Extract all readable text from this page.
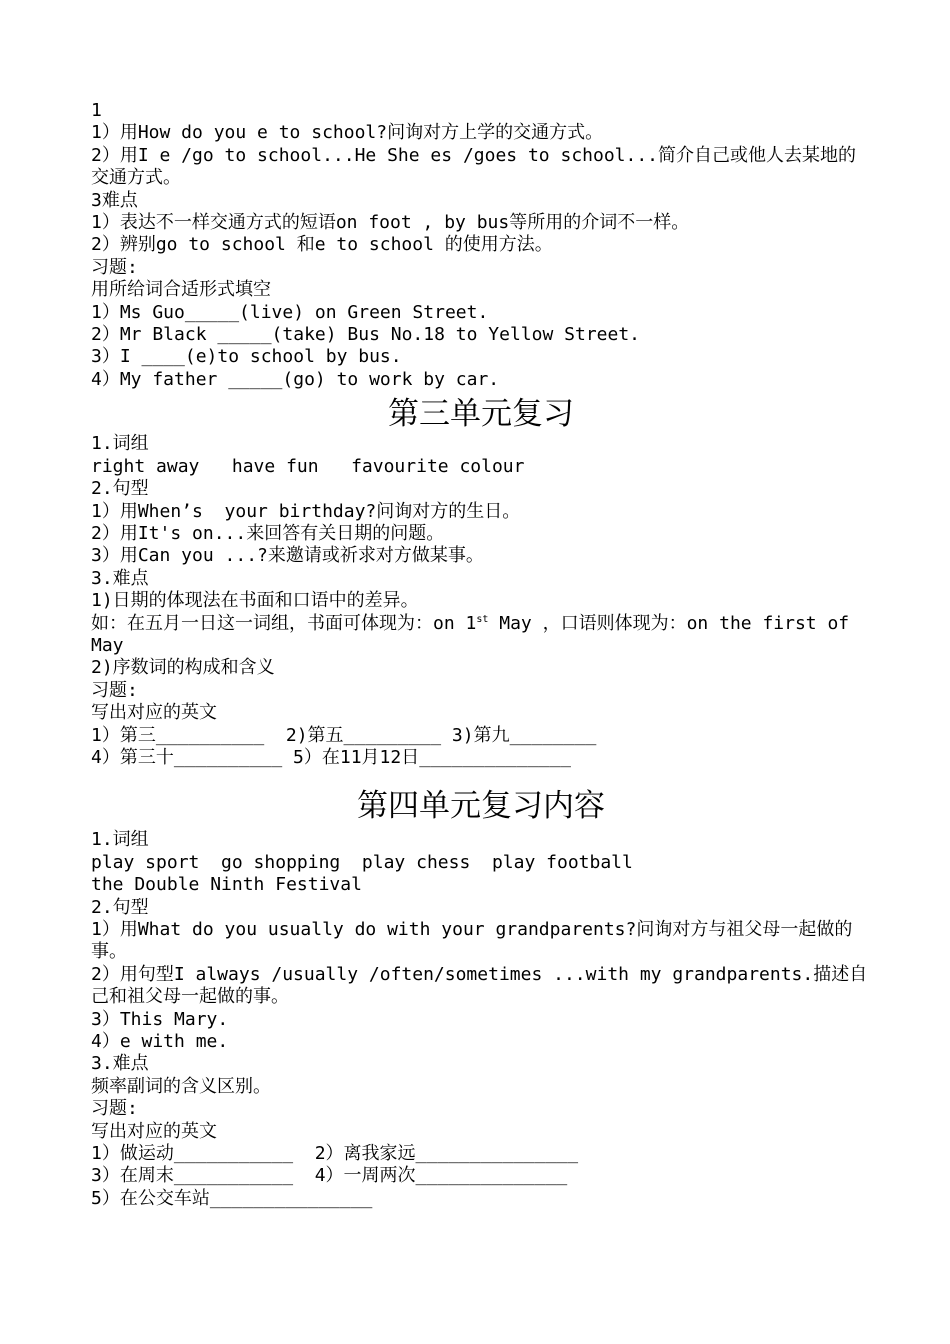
1
1）用How do you e to school?问询对方上学的交通方式。
2）用I e /go to school...He She es /goes to school...简介自己或他人去某地的交通方式。
3难点
1）表达不一样交通方式的短语on foot , by bus等所用的介词不一样。
2）辨别go to school 和e to school 的使用方法。
习题:
用所给词合适形式填空
1）Ms Guo_____(live) on Green Street.
2）Mr Black _____(take) Bus No.18 to Yellow Street.
3）I ____(e)to school by bus.
4）My father _____(go) to work by car.
第三单元复习
1.词组
right away   have fun   favourite colour
2.句型
1）用When’s  your birthday?问询对方的生日。
2）用It's on...来回答有关日期的问题。
3）用Can you ...?来邀请或祈求对方做某事。
3.难点
1)日期的体现法在书面和口语中的差异。
如：在五月一日这一词组，书面可体现为：on 1st May ，口语则体现为：on the first of May
2)序数词的构成和含义
习题:
写出对应的英文
1）第三__________  2)第五_________ 3)第九________
4）第三十__________ 5）在11月12日______________
第四单元复习内容
1.词组
play sport  go shopping  play chess  play football
the Double Ninth Festival
2.句型
1）用What do you usually do with your grandparents?问询对方与祖父母一起做的事。
2）用句型I always /usually /often/sometimes ...with my grandparents.描述自己和祖父母一起做的事。
3）This Mary.
4）e with me.
3.难点
频率副词的含义区别。
习题:
写出对应的英文
1）做运动___________  2）离我家远_______________
3）在周末___________  4）一周两次______________
5）在公交车站_______________
